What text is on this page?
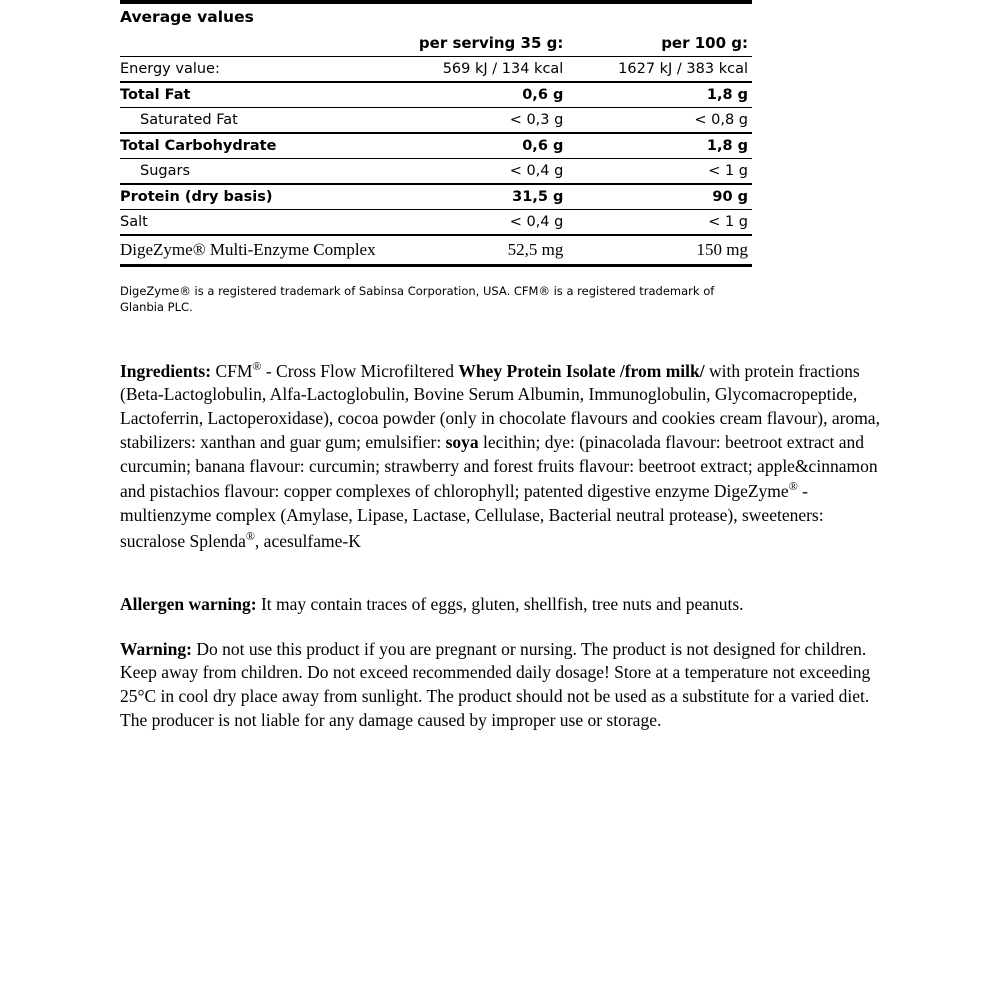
Average values		
	per serving 35 g:	per 100 g:
Energy value:	569 kJ / 134 kcal	1627 kJ / 383 kcal
Total Fat	0,6 g	1,8 g
Saturated Fat	< 0,3 g	< 0,8 g
Total Carbohydrate	0,6 g	1,8 g
Sugars	< 0,4 g	< 1 g
Protein (dry basis)	31,5 g	90 g
Salt	< 0,4 g	< 1 g
DigeZyme® Multi-Enzyme Complex	52,5 mg	150 mg
DigeZyme® is a registered trademark of Sabinsa Corporation, USA. CFM® is a registered trademark of Glanbia PLC.

Ingredients: CFM® - Cross Flow Microfiltered Whey Protein Isolate /from milk/ with protein fractions (Beta-Lactoglobulin, Alfa-Lactoglobulin, Bovine Serum Albumin, Immunoglobulin, Glycomacropeptide, Lactoferrin, Lactoperoxidase), cocoa powder (only in chocolate flavours and cookies cream flavour), aroma, stabilizers: xanthan and guar gum; emulsifier: soya lecithin; dye: (pinacolada flavour: beetroot extract and curcumin; banana flavour: curcumin; strawberry and forest fruits flavour: beetroot extract; apple&cinnamon and pistachios flavour: copper complexes of chlorophyll; patented digestive enzyme DigeZyme® - multienzyme complex (Amylase, Lipase, Lactase, Cellulase, Bacterial neutral protease), sweeteners: sucralose Splenda®, acesulfame-K

Allergen warning: It may contain traces of eggs, gluten, shellfish, tree nuts and peanuts.

Warning: Do not use this product if you are pregnant or nursing. The product is not designed for children. Keep away from children. Do not exceed recommended daily dosage! Store at a temperature not exceeding 25°C in cool dry place away from sunlight. The product should not be used as a substitute for a varied diet. The producer is not liable for any damage caused by improper use or storage.
